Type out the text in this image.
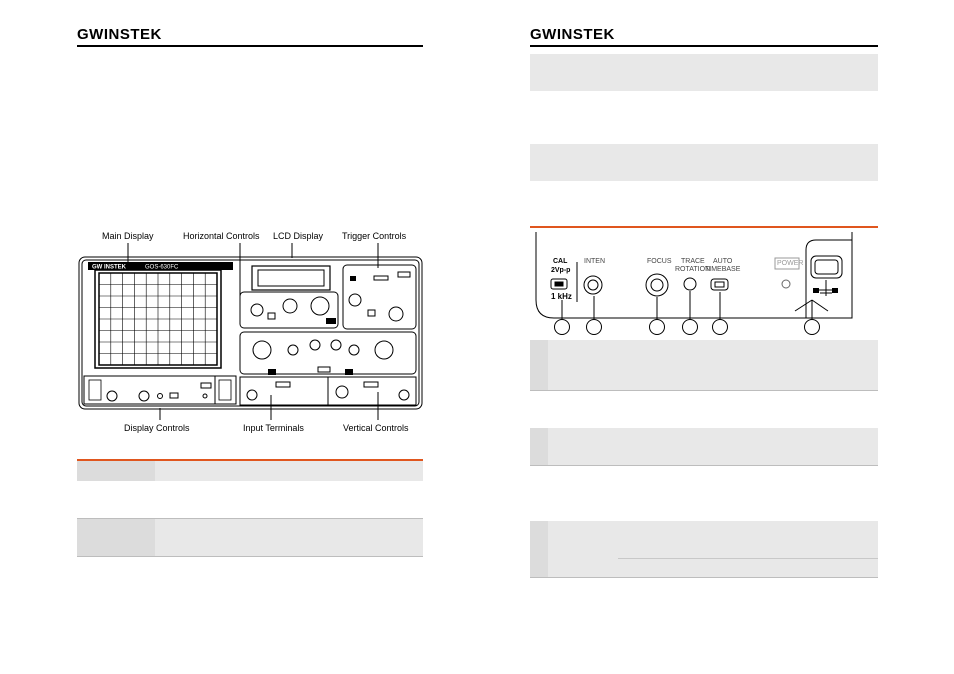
GWINSTEK
Main Display	Horizontal Controls LCD Display Trigger Controls
Display Controls	Input Terminals	Vertical Controls
GW INSTEK	GOS-630FC
GWINSTEK
CAL
2Vp-p
1 kHz
INTEN	FOCUS TRACE
ROTATION
AUTO
TIMEBASE
POWER
